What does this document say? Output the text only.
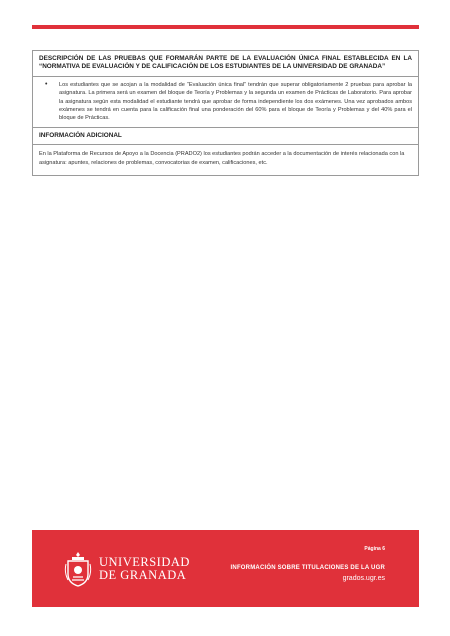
DESCRIPCIÓN DE LAS PRUEBAS QUE FORMARÁN PARTE DE LA EVALUACIÓN ÚNICA FINAL ESTABLECIDA EN LA “NORMATIVA DE EVALUACIÓN Y DE CALIFICACIÓN DE LOS ESTUDIANTES DE LA UNIVERSIDAD DE GRANADA”

•	Los estudiantes que se acojan a la modalidad de “Evaluación única final” tendrán que superar obligatoriamente 2 pruebas para aprobar la asignatura. La primera será un examen del bloque de Teoría y Problemas y la segunda un examen de Prácticas de Laboratorio. Para aprobar la asignatura según esta modalidad el estudiante tendrá que aprobar de forma independiente los dos exámenes. Una vez aprobados ambos exámenes se tendrá en cuenta para la calificación final una ponderación del 60% para el bloque de Teoría y Problemas y del 40% para el bloque de Prácticas.

INFORMACIÓN ADICIONAL
En la Plataforma de Recursos de Apoyo a la Docencia (PRADO2) los estudiantes podrán acceder a la documentación de interés relacionada con la asignatura: apuntes, relaciones de problemas, convocatorias de examen, calificaciones, etc.
UNIVERSIDAD
DE GRANADA
Página 6
INFORMACIÓN SOBRE TITULACIONES DE LA UGR
grados.ugr.es
